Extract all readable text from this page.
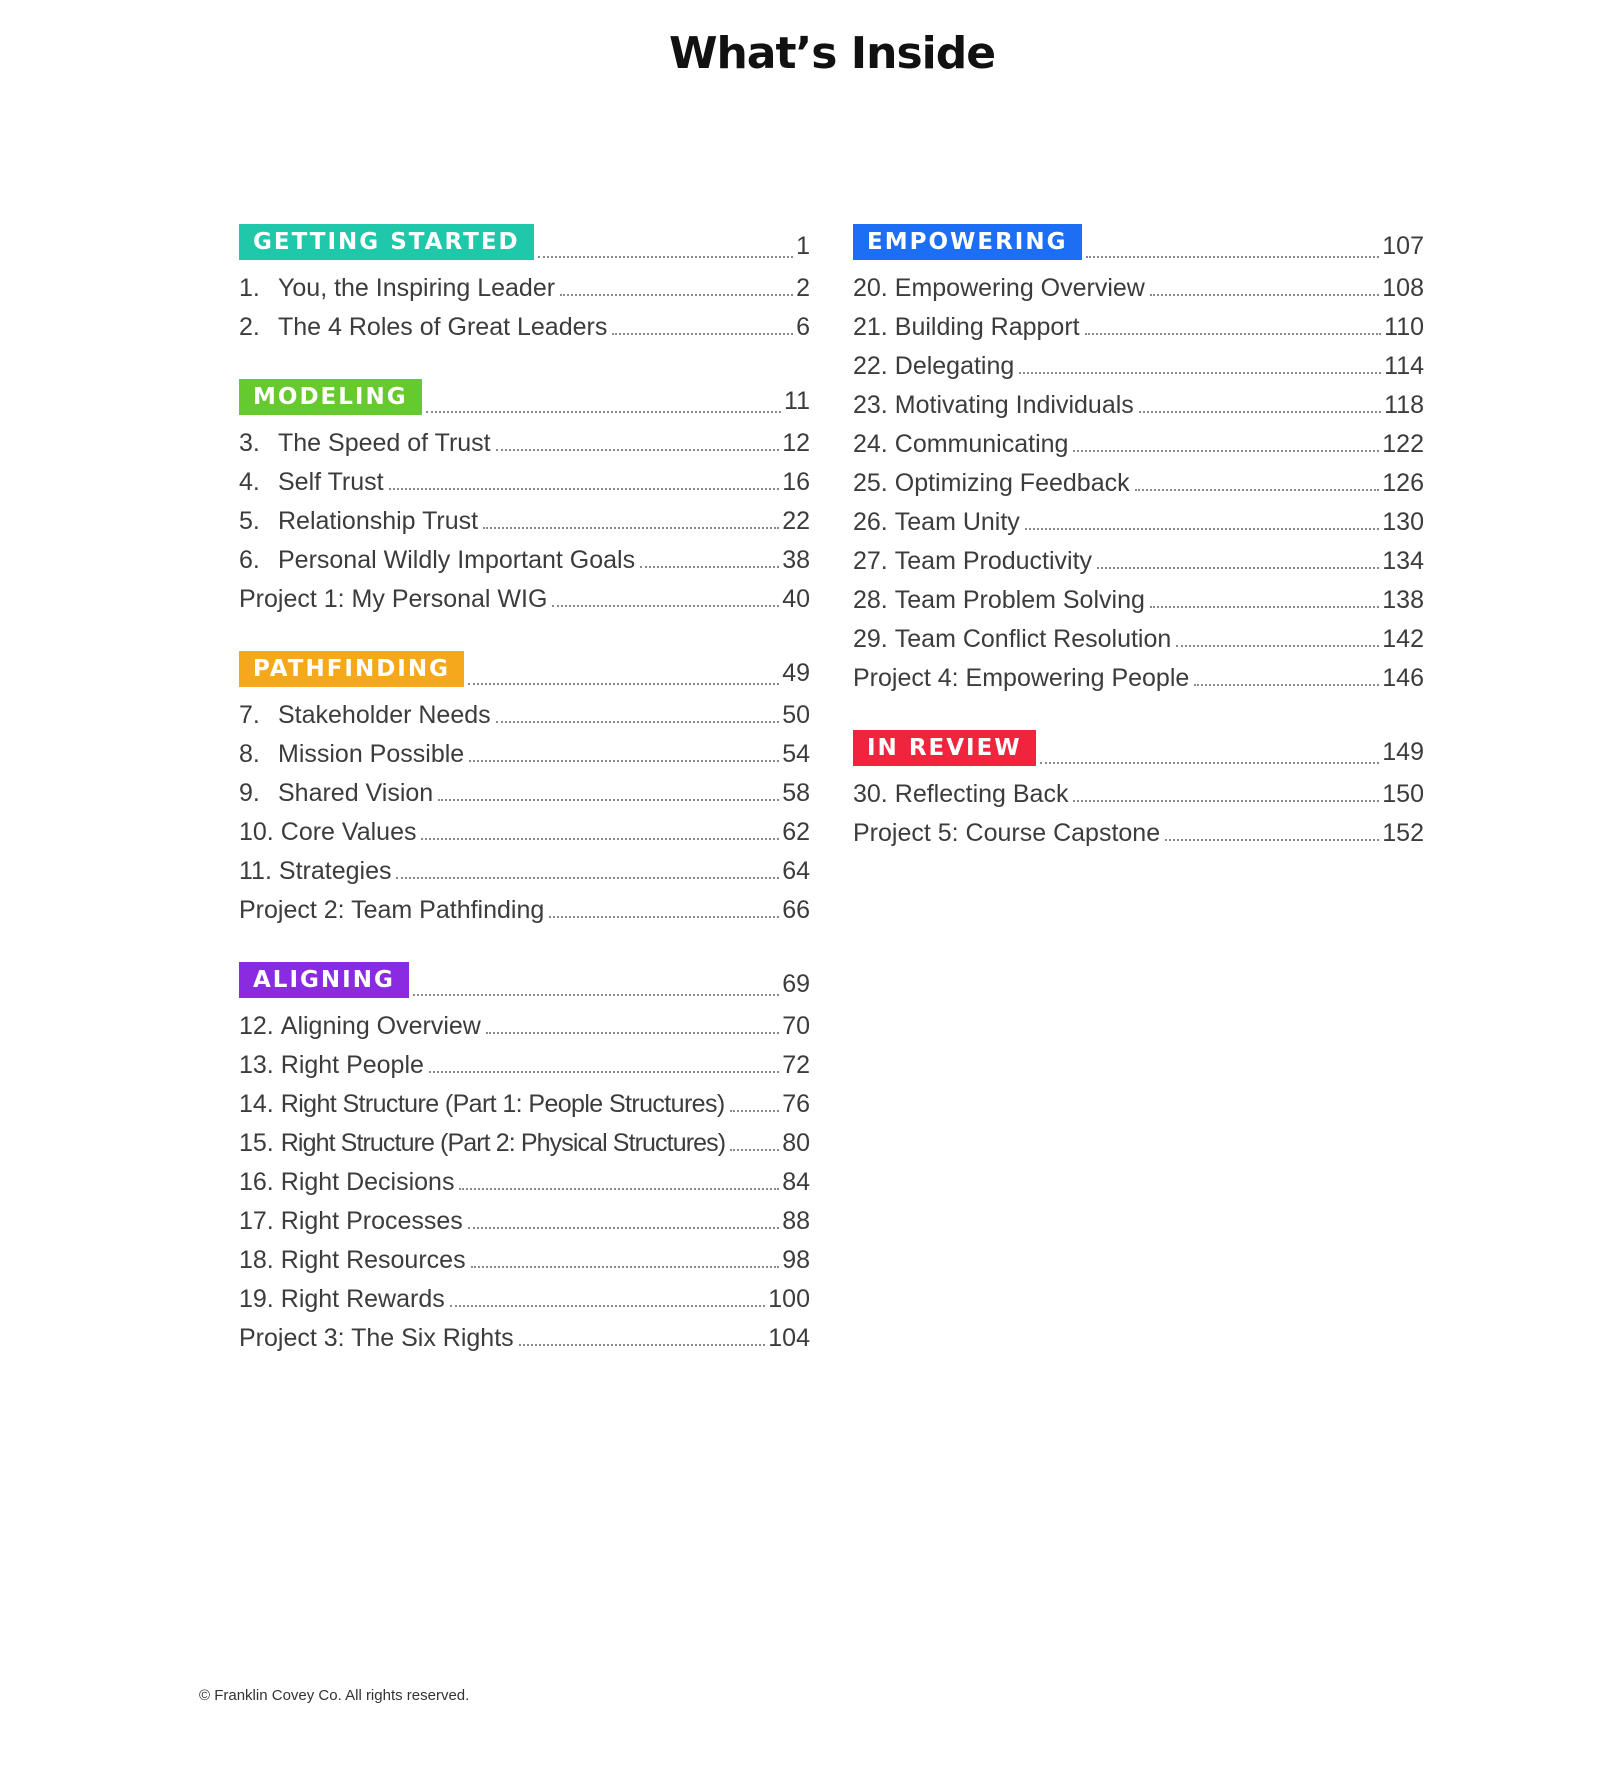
What’s Inside
GETTING STARTED	1
1. You, the Inspiring Leader	2
2. The 4 Roles of Great Leaders	6
MODELING	11
3. The Speed of Trust	12
4. Self Trust	16
5. Relationship Trust	22
6. Personal Wildly Important Goals	38
Project 1: My Personal WIG	40
PATHFINDING	49
7. Stakeholder Needs	50
8. Mission Possible	54
9. Shared Vision	58
10. Core Values	62
11. Strategies	64
Project 2: Team Pathfinding	66
ALIGNING	69
12. Aligning Overview	70
13. Right People	72
14. Right Structure (Part 1: People Structures) 76
15. Right Structure (Part 2: Physical Structures) 80
16. Right Decisions	84
17. Right Processes	88
18. Right Resources	98
19. Right Rewards	100
Project 3: The Six Rights	104
EMPOWERING	107
20. Empowering Overview	108
21. Building Rapport	110
22. Delegating	114
23. Motivating Individuals	118
24. Communicating	122
25. Optimizing Feedback	126
26. Team Unity	130
27. Team Productivity	134
28. Team Problem Solving	138
29. Team Conflict Resolution	142
Project 4: Empowering People	146
IN REVIEW	149
30. Reflecting Back	150
Project 5: Course Capstone	152
© Franklin Covey Co. All rights reserved.
